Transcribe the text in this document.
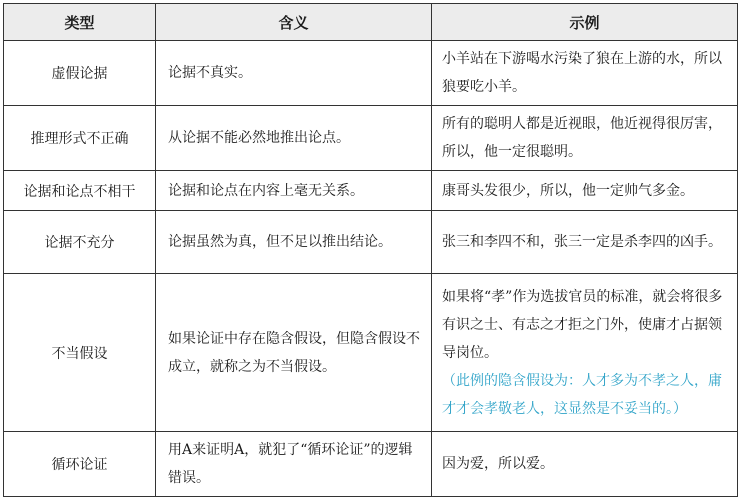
类型	含义	示例
虚假论据	论据不真实。	小羊站在下游喝水污染了狼在上游的水，所以狼要吃小羊。
推理形式不正确	从论据不能必然地推出论点。	所有的聪明人都是近视眼，他近视得很厉害，所以，他一定很聪明。
论据和论点不相干	论据和论点在内容上毫无关系。	康哥头发很少，所以，他一定帅气多金。
论据不充分	论据虽然为真，但不足以推出结论。	张三和李四不和，张三一定是杀李四的凶手。
不当假设	如果论证中存在隐含假设，但隐含假设不成立，就称之为不当假设。	如果将“孝”作为选拔官员的标准，就会将很多有识之士、有志之才拒之门外，使庸才占据领导岗位。
（此例的隐含假设为：人才多为不孝之人，庸才才会孝敬老人，这显然是不妥当的。）

循环论证	用A来证明A，就犯了“循环论证”的逻辑错误。	因为爱，所以爱。
